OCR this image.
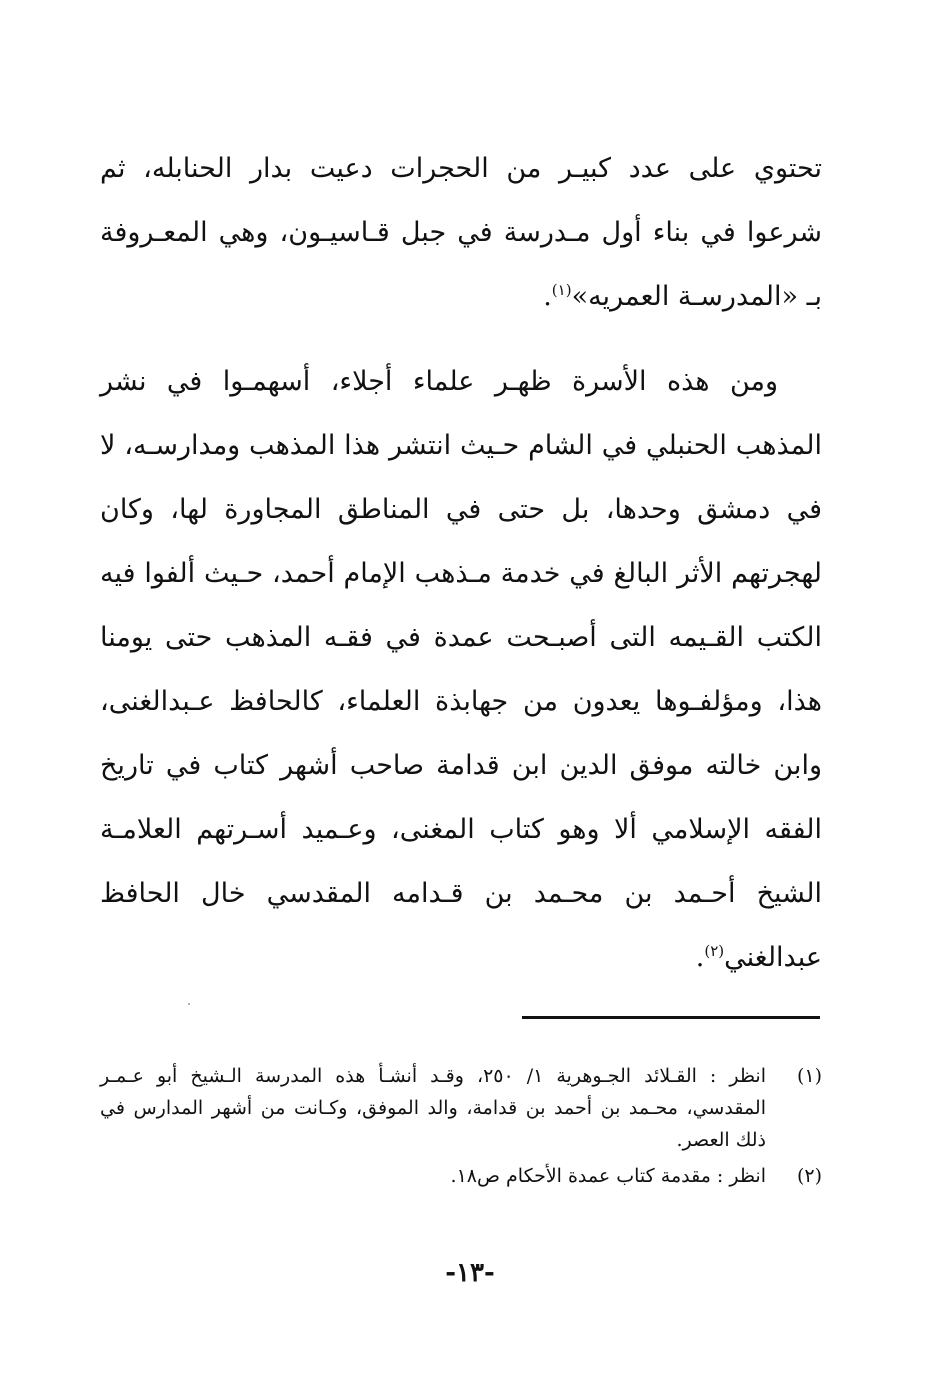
تحتوي على عدد كبيـر من الحجرات دعيت بدار الحنابله، ثم شرعوا في بناء أول مـدرسة في جبل قـاسيـون، وهي المعـروفة بـ «المدرسـة العمريه»$^{(١)}$.

ومن هذه الأسرة ظهـر علماء أجلاء، أسهمـوا في نشر المذهب الحنبلي في الشام حـيث انتشر هذا المذهب ومدارسـه، لا في دمشق وحدها، بل حتى في المناطق المجاورة لها، وكان لهجرتهم الأثر البالغ في خدمة مـذهب الإمام أحمد، حـيث ألفوا فيه الكتب القـيمه التى أصبـحت عمدة في فقـه المذهب حتى يومنا هذا، ومؤلفـوها يعدون من جهابذة العلماء، كالحافظ عـبدالغنى، وابن خالته موفق الدين ابن قدامة صاحب أشهر كتاب في تاريخ الفقه الإسلامي ألا وهو كتاب المغنى، وعـميد أسـرتهم العلامـة الشيخ أحـمد بن محـمد بن قـدامه المقدسي خال الحافظ عبدالغني$^{(٢)}$.

(١)
انظر : القـلائد الجـوهرية ١/ ٢٥٠، وقـد أنشـأ هذه المدرسة الـشيخ أبو عـمـر المقدسي، محـمد بن أحمد بن قدامة، والد الموفق، وكـانت من أشهر المدارس في ذلك العصر.
(٢)
انظر : مقدمة كتاب عمدة الأحكام ص١٨.
-١٣-
